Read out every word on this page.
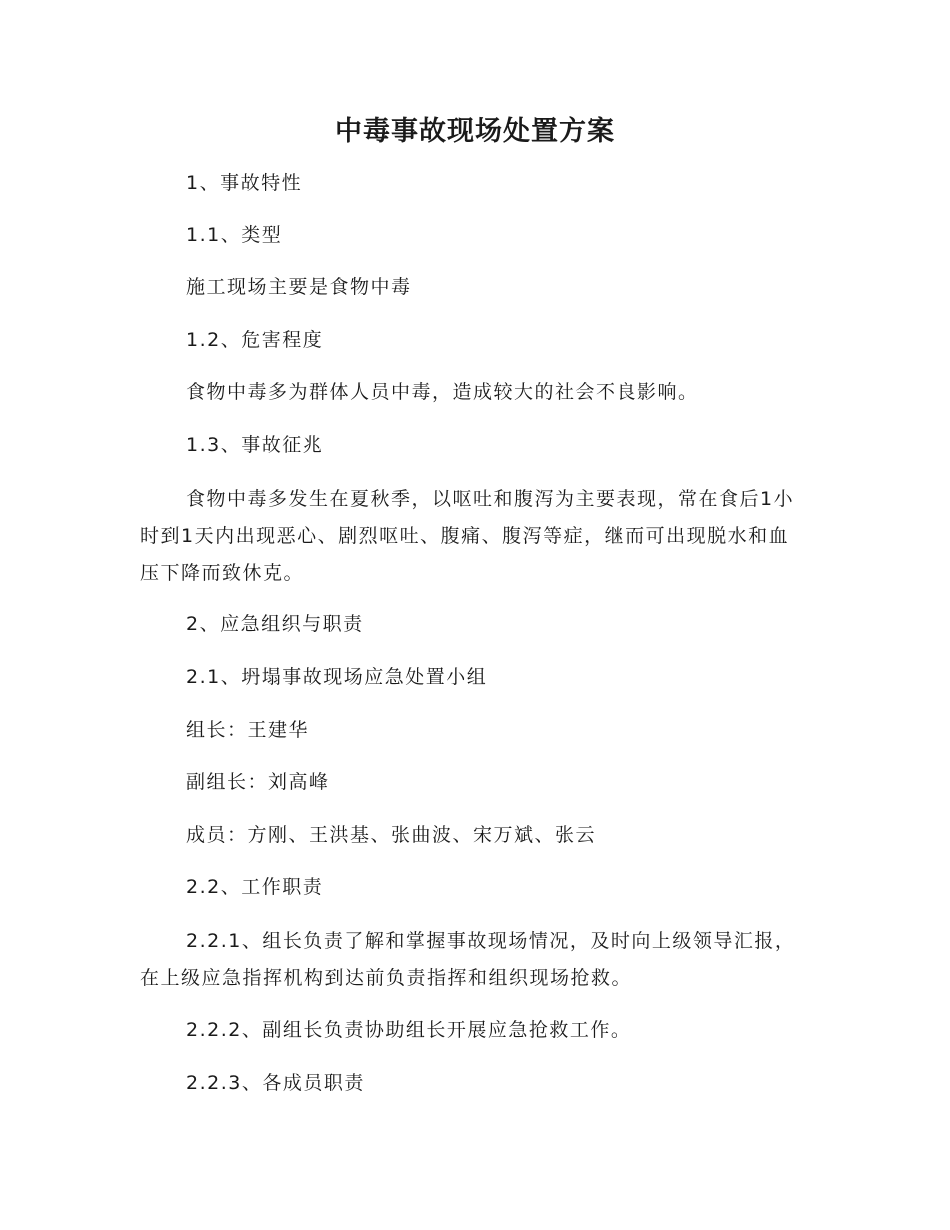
中毒事故现场处置方案
1、事故特性
1.1、类型
施工现场主要是食物中毒
1.2、危害程度
食物中毒多为群体人员中毒，造成较大的社会不良影响。
1.3、事故征兆
食物中毒多发生在夏秋季，以呕吐和腹泻为主要表现，常在食后1小时到1天内出现恶心、剧烈呕吐、腹痛、腹泻等症，继而可出现脱水和血压下降而致休克。
2、应急组织与职责
2.1、坍塌事故现场应急处置小组
组长：王建华
副组长：刘高峰
成员：方刚、王洪基、张曲波、宋万斌、张云
2.2、工作职责
2.2.1、组长负责了解和掌握事故现场情况，及时向上级领导汇报，在上级应急指挥机构到达前负责指挥和组织现场抢救。
2.2.2、副组长负责协助组长开展应急抢救工作。
2.2.3、各成员职责
